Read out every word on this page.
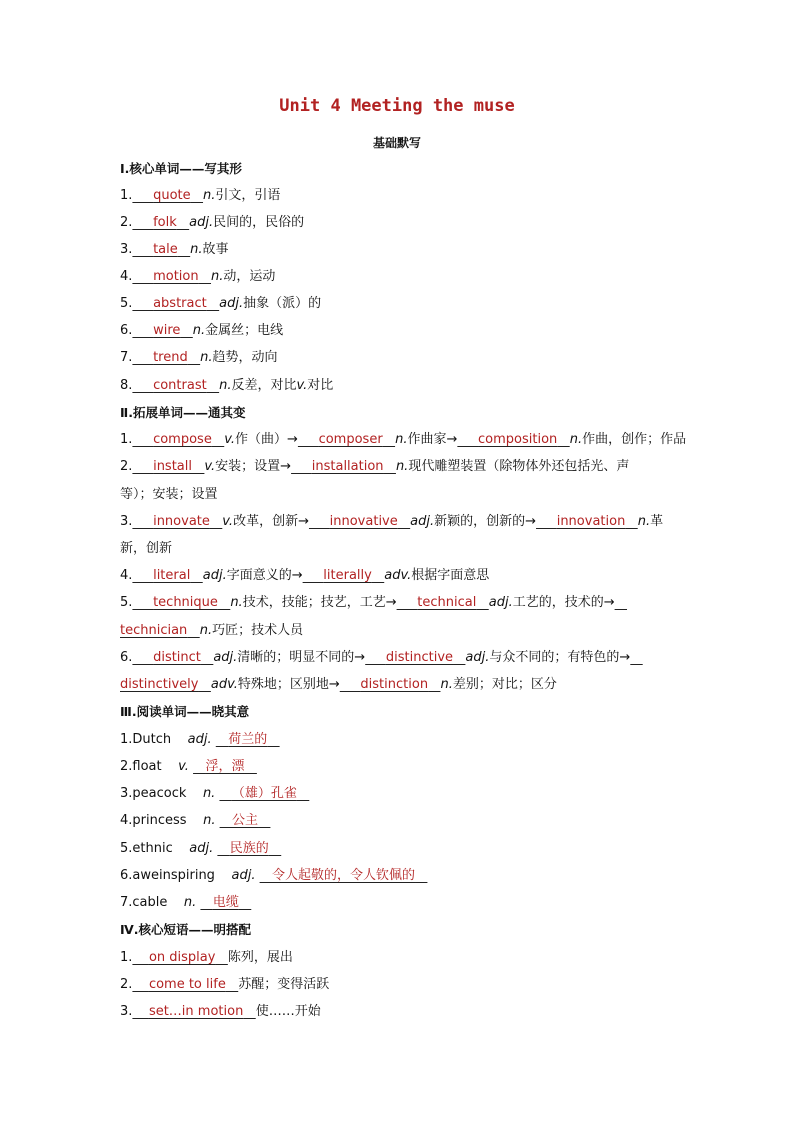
Unit 4 Meeting the muse
基础默写
Ⅰ.核心单词——写其形
1. quote n.引文，引语
2. folk adj.民间的，民俗的
3. tale n.故事
4. motion n.动，运动
5. abstract adj.抽象（派）的
6. wire n.金属丝；电线
7. trend n.趋势，动向
8. contrast n.反差，对比v.对比
Ⅱ.拓展单词——通其变
1. compose v.作（曲）→ composer n.作曲家→ composition n.作曲，创作；作品
2. install v.安装；设置→ installation n.现代雕塑装置（除物体外还包括光、声
等）；安装；设置
3. innovate v.改革，创新→ innovative adj.新颖的，创新的→ innovation n.革
新，创新
4. literal adj.字面意义的→ literally adv.根据字面意思
5. technique n.技术，技能；技艺，工艺→ technical adj.工艺的，技术的→
technician n.巧匠；技术人员
6. distinct adj.清晰的；明显不同的→ distinctive adj.与众不同的；有特色的→
distinctively adv.特殊地；区别地→ distinction n.差别；对比；区分
Ⅲ.阅读单词——晓其意
1.Dutch adj. 荷兰的
2.float v. 浮，漂
3.peacock n. （雄）孔雀
4.princess n. 公主
5.ethnic adj. 民族的
6.aweinspiring adj. 令人起敬的，令人钦佩的
7.cable n. 电缆
Ⅳ.核心短语——明搭配
1. on display 陈列，展出
2. come to life 苏醒；变得活跃
3. set…in motion 使……开始
